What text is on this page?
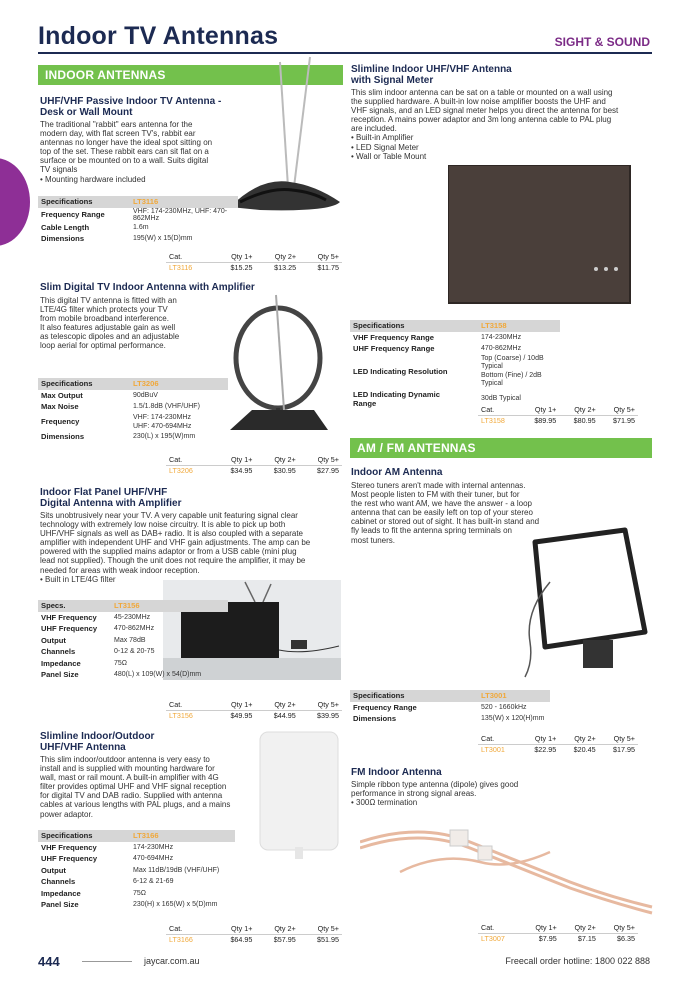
Indoor TV Antennas	SIGHT & SOUND
INDOOR ANTENNAS
UHF/VHF Passive Indoor TV Antenna -
Desk or Wall Mount
The traditional "rabbit" ears antenna for the
modern day, with flat screen TV's, rabbit ear
antennas no longer have the ideal spot sitting on
top of the set. These rabbit ears can sit flat on a
surface or be mounted on to a wall. Suits digital
TV signals
• Mounting hardware included
Specifications	LT3116
Frequency Range	VHF: 174-230MHz, UHF: 470-862MHz
Cable Length	1.6m
Dimensions	195(W) x 15(D)mm
Cat.	Qty 1+	Qty 2+	Qty 5+
LT3116	$15.25	$13.25	$11.75
Slim Digital TV Indoor Antenna with Amplifier
This digital TV antenna is fitted with an
LTE/4G filter which protects your TV
from mobile broadband interference.
It also features adjustable gain as well
as telescopic dipoles and an adjustable
loop aerial for optimal performance.
Specifications	LT3206
Max Output	90dBuV
Max Noise	1.5/1.8dB (VHF/UHF)
Frequency	VHF: 174-230MHz
UHF: 470-694MHz

Dimensions	230(L) x 195(W)mm
Cat.	Qty 1+	Qty 2+	Qty 5+
LT3206	$34.95	$30.95	$27.95
Indoor Flat Panel UHF/VHF
Digital Antenna with Amplifier
Sits unobtrusively near your TV. A very capable unit featuring signal clear
technology with extremely low noise circuitry. It is able to pick up both
UHF/VHF signals as well as DAB+ radio. It is also coupled with a separate
amplifier with independent UHF and VHF gain adjustments. The amp can be
powered with the supplied mains adaptor or from a USB cable (mini plug
lead not supplied). Though the unit does not require the amplifier, it may be
needed for areas with weak indoor reception.
• Built in LTE/4G filter
Specs.	LT3156
VHF Frequency	45-230MHz
UHF Frequency	470-862MHz
Output	Max 78dB
Channels	0-12 & 20-75
Impedance	75Ω
Panel Size	480(L) x 109(W) x 54(D)mm
Cat.	Qty 1+	Qty 2+	Qty 5+
LT3156	$49.95	$44.95	$39.95
Slimline Indoor/Outdoor
UHF/VHF Antenna
This slim indoor/outdoor antenna is very easy to
install and is supplied with mounting hardware for
wall, mast or rail mount. A built-in amplifier with 4G
filter provides optimal UHF and VHF signal reception
for digital TV and DAB radio. Supplied with antenna
cables at various lengths with PAL plugs, and a mains
power adaptor.
Specifications	LT3166
VHF Frequency	174-230MHz
UHF Frequency	470-694MHz
Output	Max 11dB/19dB (VHF/UHF)
Channels	6-12 & 21-69
Impedance	75Ω
Panel Size	230(H) x 165(W) x 5(D)mm
Cat.	Qty 1+	Qty 2+	Qty 5+
LT3166	$64.95	$57.95	$51.95
Slimline Indoor UHF/VHF Antenna
with Signal Meter
This slim indoor antenna can be sat on a table or mounted on a wall using
the supplied hardware. A built-in low noise amplifier boosts the UHF and
VHF signals, and an LED signal meter helps you direct the antenna for best
reception. A mains power adaptor and 3m long antenna cable to PAL plug
are included.
• Built-in Amplifier
• LED Signal Meter
• Wall or Table Mount
Specifications	LT3158
VHF Frequency Range	174-230MHz
UHF Frequency Range	470-862MHz
LED Indicating Resolution	Top (Coarse) / 10dB Typical
Bottom (Fine) / 2dB Typical

LED Indicating Dynamic
Range	30dB Typical
Cat.	Qty 1+	Qty 2+	Qty 5+
LT3158	$89.95	$80.95	$71.95
AM / FM ANTENNAS
Indoor AM Antenna
Stereo tuners aren't made with internal antennas.
Most people listen to FM with their tuner, but for
the rest who want AM, we have the answer - a loop
antenna that can be easily left on top of your stereo
cabinet or stored out of sight. It has built-in stand and
fly leads to fit the antenna spring terminals on
most tuners.
Specifications	LT3001
Frequency Range	520 - 1660kHz
Dimensions	135(W) x 120(H)mm
Cat.	Qty 1+	Qty 2+	Qty 5+
LT3001	$22.95	$20.45	$17.95
FM Indoor Antenna
Simple ribbon type antenna (dipole) gives good
performance in strong signal areas.
• 300Ω termination
Cat.	Qty 1+	Qty 2+	Qty 5+
LT3007	$7.95	$7.15	$6.35
444	jaycar.com.au	Freecall order hotline: 1800 022 888
